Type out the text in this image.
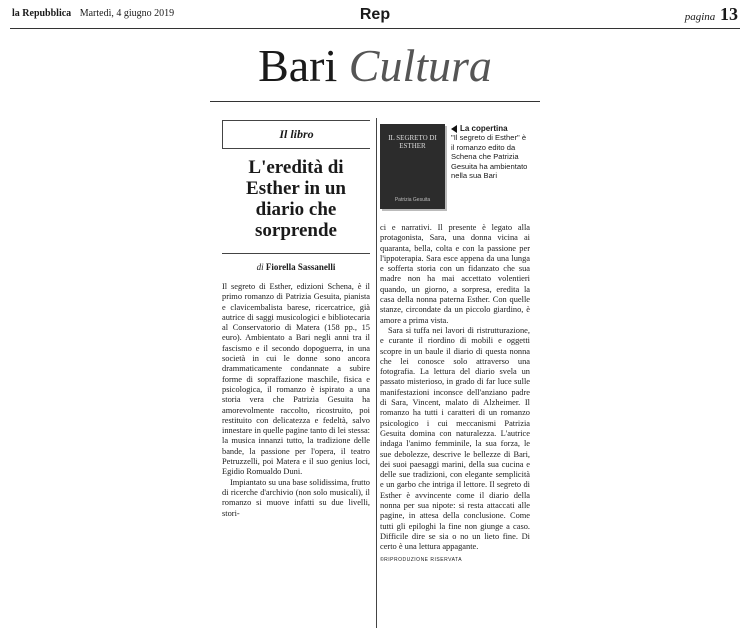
la Repubblica Martedì, 4 giugno 2019	Rep	pagina 13
Bari Cultura
Il libro
L'eredità di Esther in un diario che sorprende
di Fiorella Sassanelli

Il segreto di Esther, edizioni Schena, è il primo romanzo di Patrizia Gesuita, pianista e clavicembalista barese, ricercatrice, già autrice di saggi musicologici e bibliotecaria al Conservatorio di Matera (158 pp., 15 euro). Ambientato a Bari negli anni tra il fascismo e il secondo dopoguerra, in una società in cui le donne sono ancora drammaticamente condannate a subire forme di sopraffazione maschile, fisica e psicologica, il romanzo è ispirato a una storia vera che Patrizia Gesuita ha amorevolmente raccolto, ricostruito, poi restituito con delicatezza e fedeltà, salvo innestare in quelle pagine tanto di lei stessa: la musica innanzi tutto, la tradizione delle bande, la passione per l'opera, il teatro Petruzzelli, poi Matera e il suo genius loci, Egidio Romualdo Duni.

Impiantato su una base solidissima, frutto di ricerche d'archivio (non solo musicali), il romanzo si muove infatti su due livelli, stori-

IL SEGRETO DI ESTHER
Patrizia Gesuita
La copertina
"Il segreto di Esther" è il romanzo edito da Schena che Patrizia Gesuita ha ambientato nella sua Bari

ci e narrativi. Il presente è legato alla protagonista, Sara, una donna vicina ai quaranta, bella, colta e con la passione per l'ippoterapia. Sara esce appena da una lunga e sofferta storia con un fidanzato che sua madre non ha mai accettato volentieri quando, un giorno, a sorpresa, eredita la casa della nonna paterna Esther. Con quelle stanze, circondate da un piccolo giardino, è amore a prima vista.

Sara si tuffa nei lavori di ristrutturazione, e curante il riordino di mobili e oggetti scopre in un baule il diario di questa nonna che lei conosce solo attraverso una fotografia. La lettura del diario svela un passato misterioso, in grado di far luce sulle manifestazioni inconsce dell'anziano padre di Sara, Vincent, malato di Alzheimer. Il romanzo ha tutti i caratteri di un romanzo psicologico i cui meccanismi Patrizia Gesuita domina con naturalezza. L'autrice indaga l'animo femminile, la sua forza, le sue debolezze, descrive le bellezze di Bari, dei suoi paesaggi marini, della sua cucina e delle sue tradizioni, con elegante semplicità e un garbo che intriga il lettore. Il segreto di Esther è avvincente come il diario della nonna per sua nipote: si resta attaccati alle pagine, in attesa della conclusione. Come tutti gli epiloghi la fine non giunge a caso. Difficile dire se sia o no un lieto fine. Di certo è una lettura appagante.

©RIPRODUZIONE RISERVATA
